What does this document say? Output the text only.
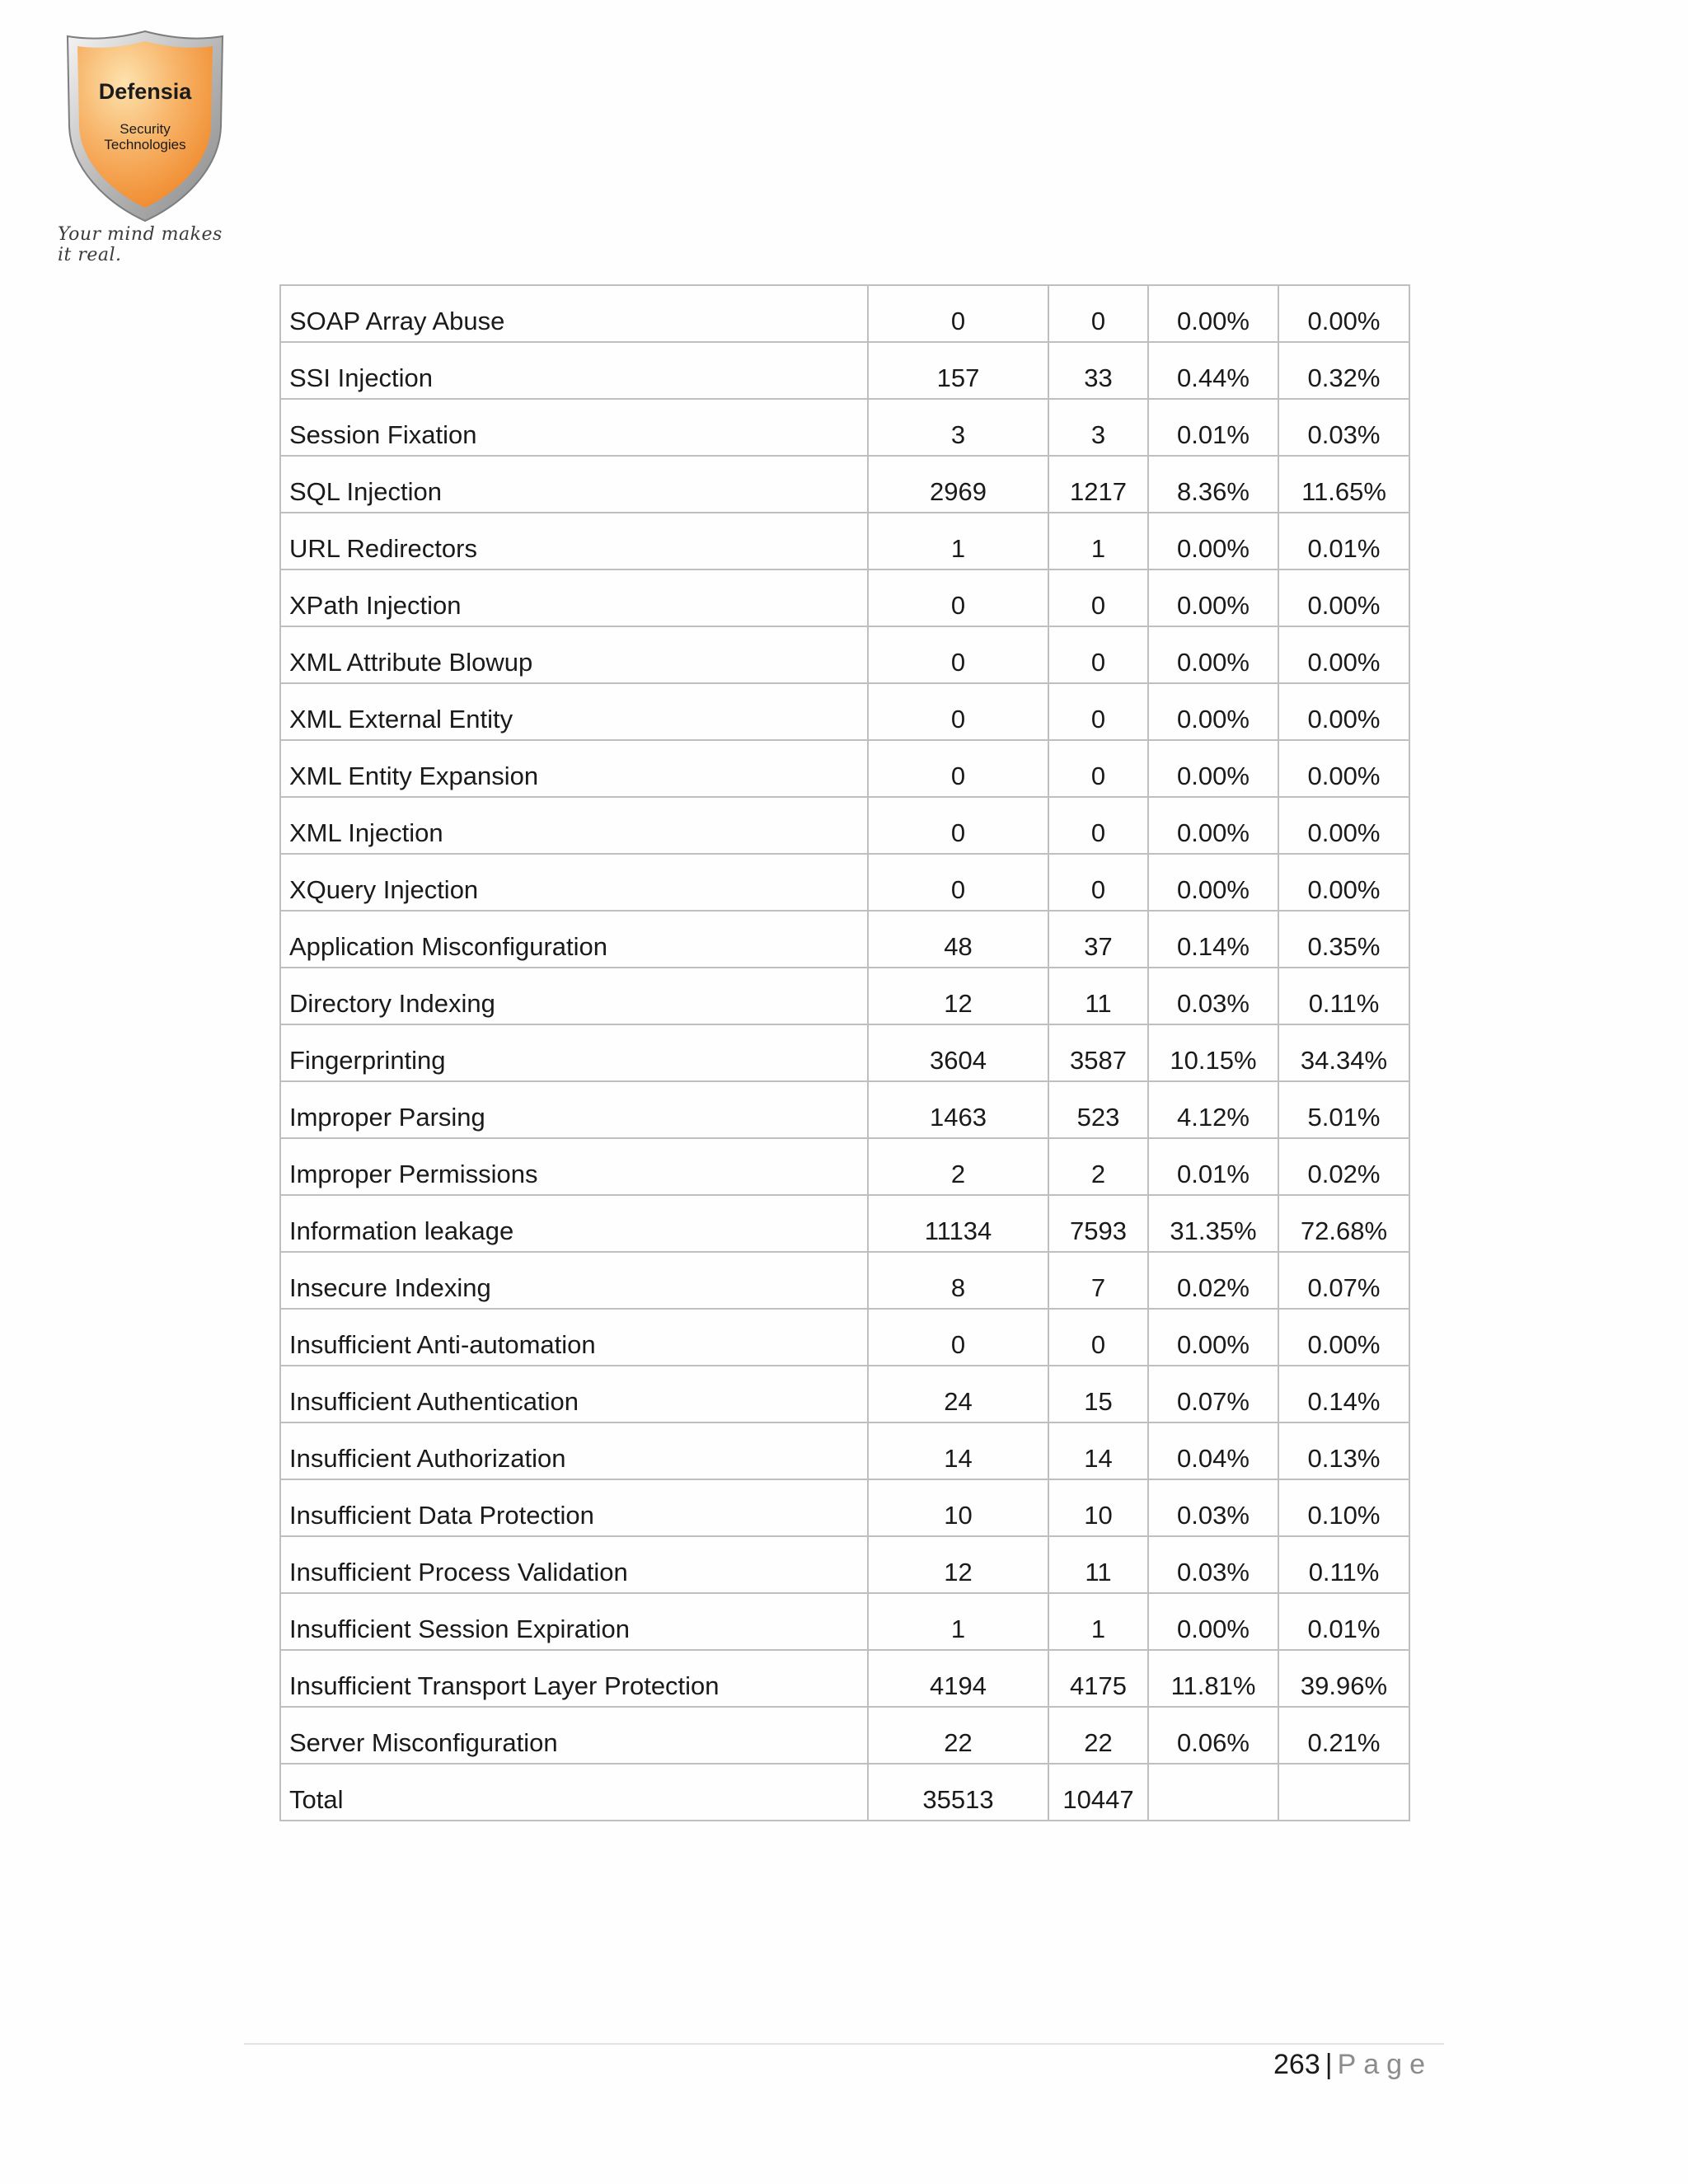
Defensia
Security
Technologies
Your mind makes it real.
SOAP Array Abuse	0	0	0.00%	0.00%
SSI Injection	157	33	0.44%	0.32%
Session Fixation	3	3	0.01%	0.03%
SQL Injection	2969	1217	8.36%	11.65%
URL Redirectors	1	1	0.00%	0.01%
XPath Injection	0	0	0.00%	0.00%
XML Attribute Blowup	0	0	0.00%	0.00%
XML External Entity	0	0	0.00%	0.00%
XML Entity Expansion	0	0	0.00%	0.00%
XML Injection	0	0	0.00%	0.00%
XQuery Injection	0	0	0.00%	0.00%
Application Misconfiguration	48	37	0.14%	0.35%
Directory Indexing	12	11	0.03%	0.11%
Fingerprinting	3604	3587	10.15%	34.34%
Improper Parsing	1463	523	4.12%	5.01%
Improper Permissions	2	2	0.01%	0.02%
Information leakage	11134	7593	31.35%	72.68%
Insecure Indexing	8	7	0.02%	0.07%
Insufficient Anti-automation	0	0	0.00%	0.00%
Insufficient Authentication	24	15	0.07%	0.14%
Insufficient Authorization	14	14	0.04%	0.13%
Insufficient Data Protection	10	10	0.03%	0.10%
Insufficient Process Validation	12	11	0.03%	0.11%
Insufficient Session Expiration	1	1	0.00%	0.01%
Insufficient Transport Layer Protection	4194	4175	11.81%	39.96%
Server Misconfiguration	22	22	0.06%	0.21%
Total	35513	10447		
263 | Page
